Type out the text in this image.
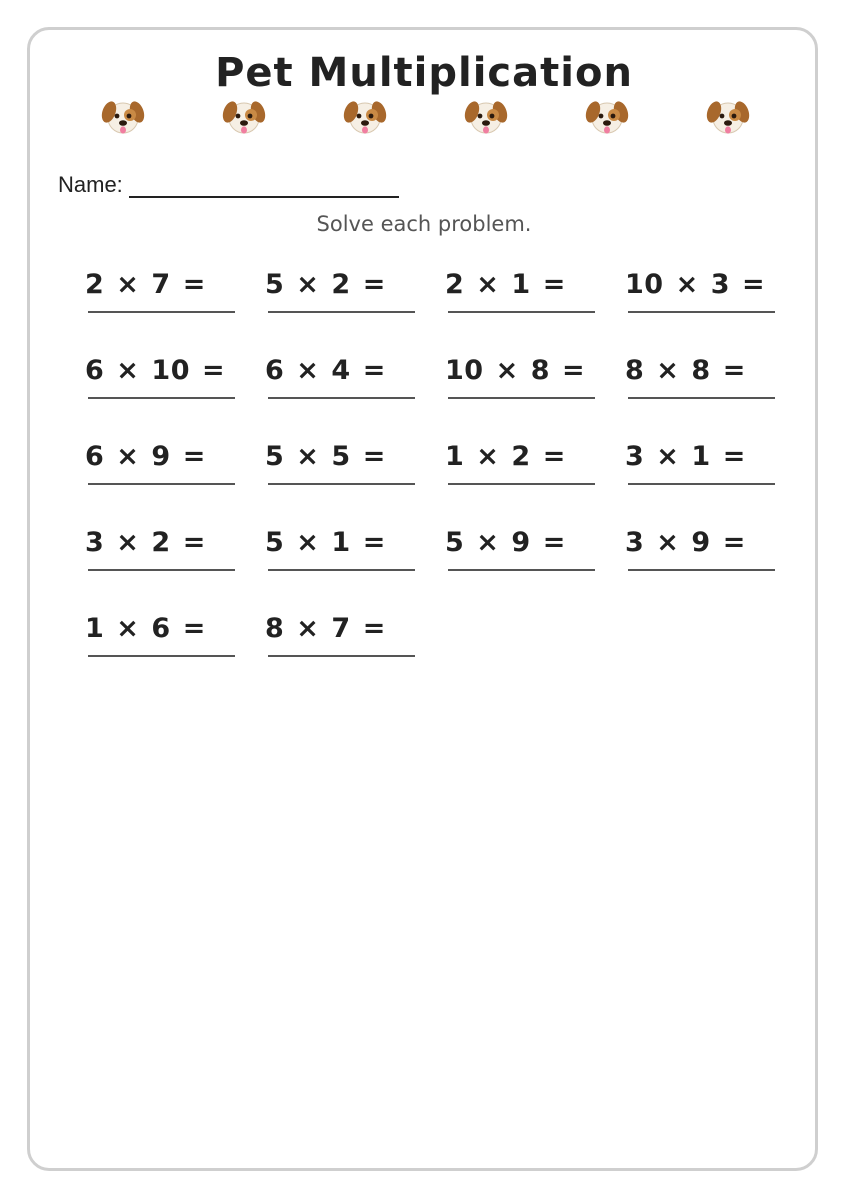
Pet Multiplication
Name:
Solve each problem.
2 × 7 =	5 × 2 =	2 × 1 =	10 × 3 =
6 × 10 =	6 × 4 =	10 × 8 =	8 × 8 =
6 × 9 =	5 × 5 =	1 × 2 =	3 × 1 =
3 × 2 =	5 × 1 =	5 × 9 =	3 × 9 =
1 × 6 =	8 × 7 =
